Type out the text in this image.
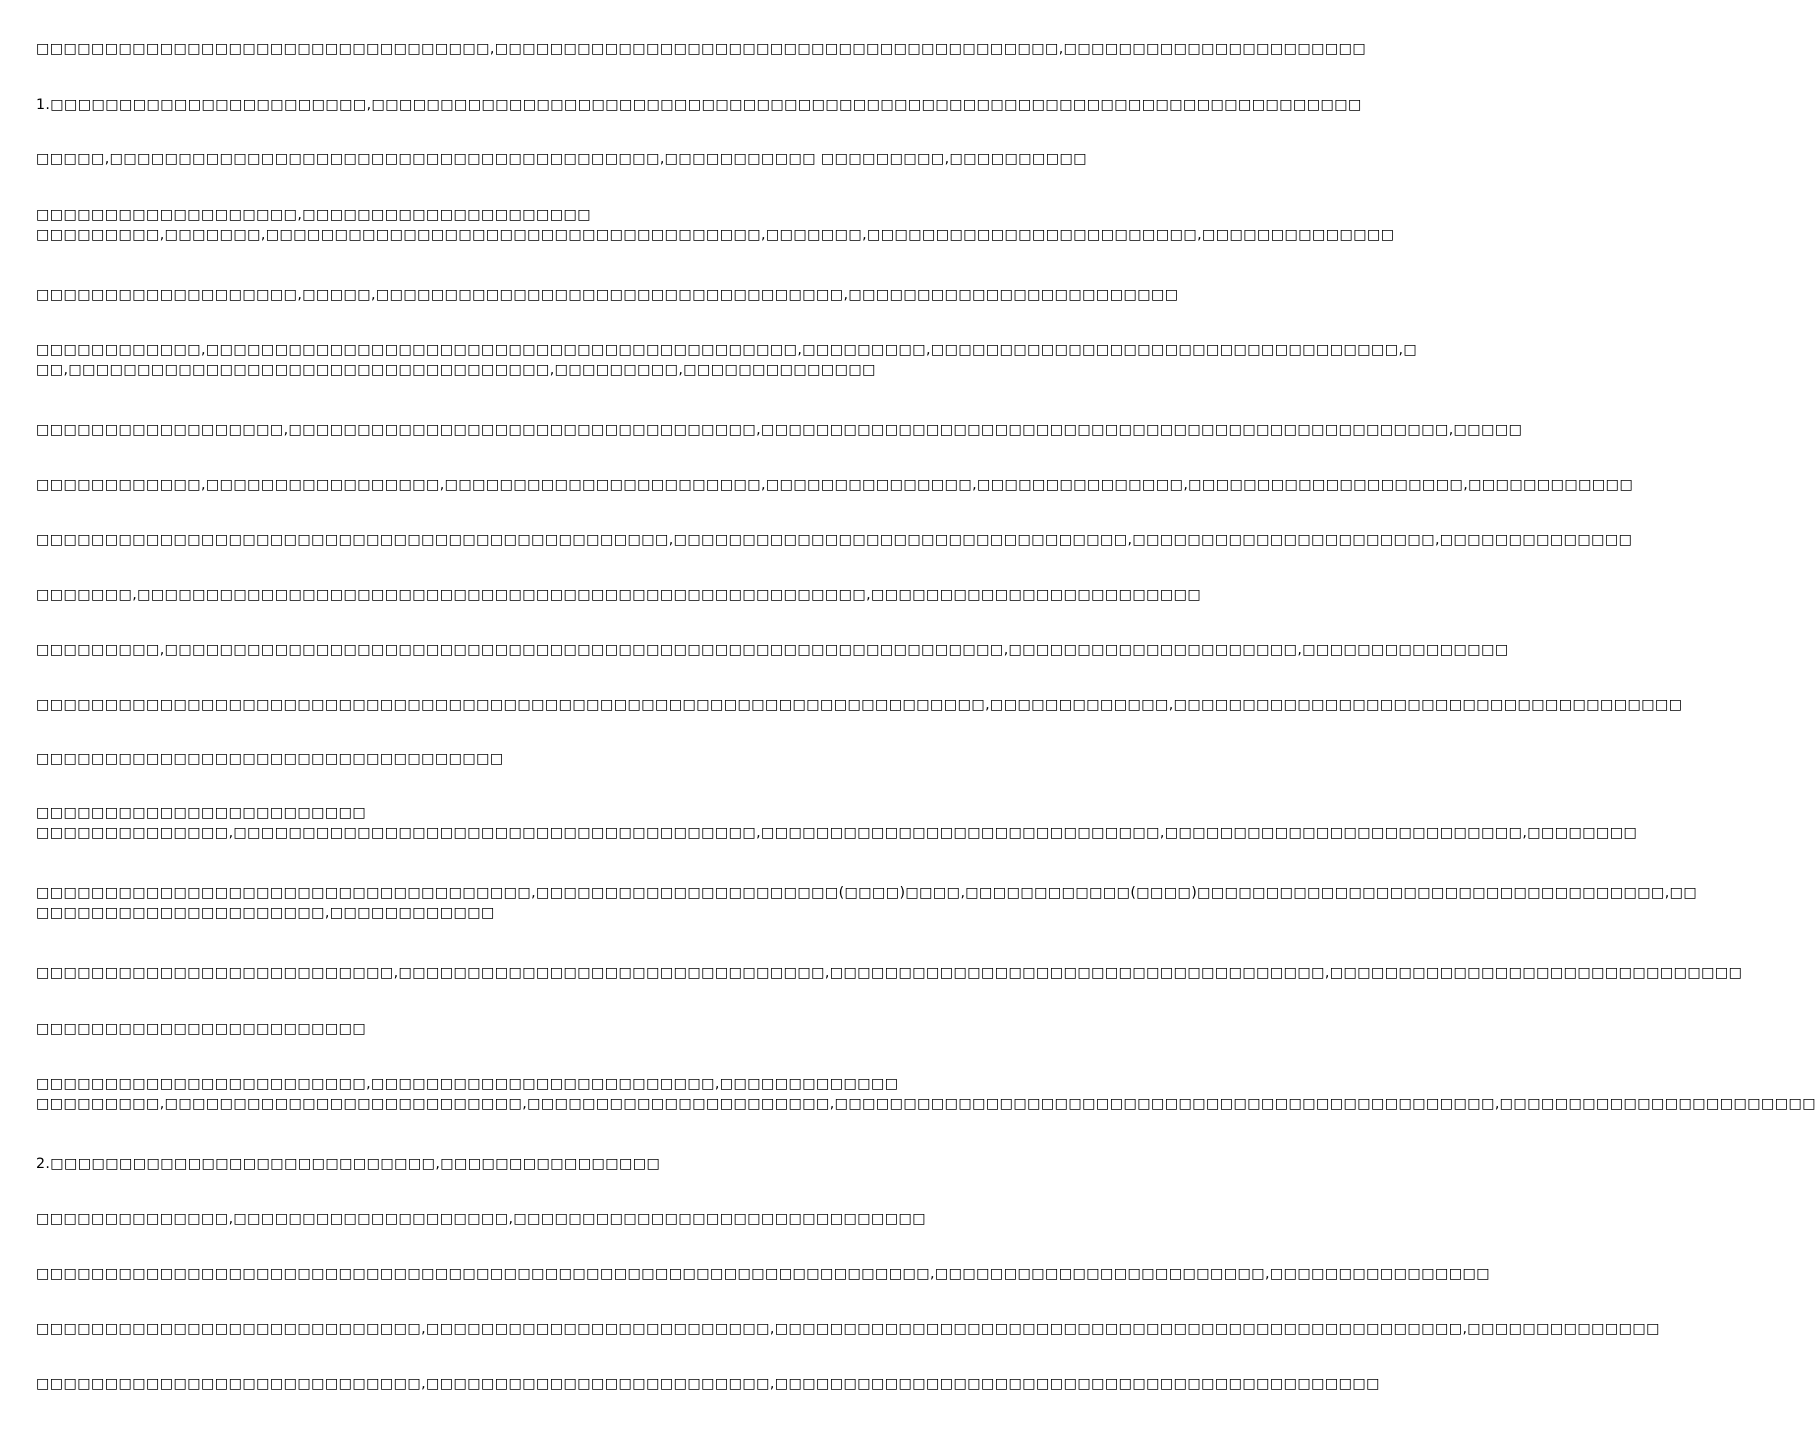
□□□□□□□□□□□□□□□□□□□□□□□□□□□□□□□□□,□□□□□□□□□□□□□□□□□□□□□□□□□□□□□□□□□□□□□□□□□,□□□□□□□□□□□□□□□□□□□□□□
1.□□□□□□□□□□□□□□□□□□□□□□□,□□□□□□□□□□□□□□□□□□□□□□□□□□□□□□□□□□□□□□□□□□□□□□□□□□□□□□□□□□□□□□□□□□□□□□□□
□□□□□,□□□□□□□□□□□□□□□□□□□□□□□□□□□□□□□□□□□□□□□□,□□□□□□□□□□□ □□□□□□□□□,□□□□□□□□□□
□□□□□□□□□□□□□□□□□□□,□□□□□□□□□□□□□□□□□□□□□
□□□□□□□□□,□□□□□□□,□□□□□□□□□□□□□□□□□□□□□□□□□□□□□□□□□□□□,□□□□□□□,□□□□□□□□□□□□□□□□□□□□□□□□,□□□□□□□□□□□□□□
□□□□□□□□□□□□□□□□□□□,□□□□□,□□□□□□□□□□□□□□□□□□□□□□□□□□□□□□□□□□,□□□□□□□□□□□□□□□□□□□□□□□□
□□□□□□□□□□□□,□□□□□□□□□□□□□□□□□□□□□□□□□□□□□□□□□□□□□□□□□□□,□□□□□□□□□,□□□□□□□□□□□□□□□□□□□□□□□□□□□□□□□□□□,□
□□,□□□□□□□□□□□□□□□□□□□□□□□□□□□□□□□□□□□,□□□□□□□□□,□□□□□□□□□□□□□□
□□□□□□□□□□□□□□□□□□,□□□□□□□□□□□□□□□□□□□□□□□□□□□□□□□□□□,□□□□□□□□□□□□□□□□□□□□□□□□□□□□□□□□□□□□□□□□□□□□□□□□□□,□□□□□
□□□□□□□□□□□□,□□□□□□□□□□□□□□□□□,□□□□□□□□□□□□□□□□□□□□□□□,□□□□□□□□□□□□□□□,□□□□□□□□□□□□□□□,□□□□□□□□□□□□□□□□□□□□,□□□□□□□□□□□□
□□□□□□□□□□□□□□□□□□□□□□□□□□□□□□□□□□□□□□□□□□□□□□,□□□□□□□□□□□□□□□□□□□□□□□□□□□□□□□□□,□□□□□□□□□□□□□□□□□□□□□□,□□□□□□□□□□□□□□
□□□□□□□,□□□□□□□□□□□□□□□□□□□□□□□□□□□□□□□□□□□□□□□□□□□□□□□□□□□□□,□□□□□□□□□□□□□□□□□□□□□□□□
□□□□□□□□□,□□□□□□□□□□□□□□□□□□□□□□□□□□□□□□□□□□□□□□□□□□□□□□□□□□□□□□□□□□□□□,□□□□□□□□□□□□□□□□□□□□□,□□□□□□□□□□□□□□□
□□□□□□□□□□□□□□□□□□□□□□□□□□□□□□□□□□□□□□□□□□□□□□□□□□□□□□□□□□□□□□□□□□□□□,□□□□□□□□□□□□□,□□□□□□□□□□□□□□□□□□□□□□□□□□□□□□□□□□□□□
□□□□□□□□□□□□□□□□□□□□□□□□□□□□□□□□□□
□□□□□□□□□□□□□□□□□□□□□□□□
□□□□□□□□□□□□□□,□□□□□□□□□□□□□□□□□□□□□□□□□□□□□□□□□□□□□□,□□□□□□□□□□□□□□□□□□□□□□□□□□□□□,□□□□□□□□□□□□□□□□□□□□□□□□□□,□□□□□□□□
□□□□□□□□□□□□□□□□□□□□□□□□□□□□□□□□□□□□,□□□□□□□□□□□□□□□□□□□□□□(□□□□)□□□□,□□□□□□□□□□□□(□□□□)□□□□□□□□□□□□□□□□□□□□□□□□□□□□□□□□□□,□□
□□□□□□□□□□□□□□□□□□□□□,□□□□□□□□□□□□
□□□□□□□□□□□□□□□□□□□□□□□□□□,□□□□□□□□□□□□□□□□□□□□□□□□□□□□□□□,□□□□□□□□□□□□□□□□□□□□□□□□□□□□□□□□□□□□,□□□□□□□□□□□□□□□□□□□□□□□□□□□□□□
□□□□□□□□□□□□□□□□□□□□□□□□
□□□□□□□□□□□□□□□□□□□□□□□□,□□□□□□□□□□□□□□□□□□□□□□□□□,□□□□□□□□□□□□□
□□□□□□□□□,□□□□□□□□□□□□□□□□□□□□□□□□□□,□□□□□□□□□□□□□□□□□□□□□□,□□□□□□□□□□□□□□□□□□□□□□□□□□□□□□□□□□□□□□□□□□□□□□□□,□□□□□□□□□□□□□□□□□□□□□□□
2.□□□□□□□□□□□□□□□□□□□□□□□□□□□□,□□□□□□□□□□□□□□□□
□□□□□□□□□□□□□□,□□□□□□□□□□□□□□□□□□□□,□□□□□□□□□□□□□□□□□□□□□□□□□□□□□□
□□□□□□□□□□□□□□□□□□□□□□□□□□□□□□□□□□□□□□□□□□□□□□□□□□□□□□□□□□□□□□□□□,□□□□□□□□□□□□□□□□□□□□□□□□,□□□□□□□□□□□□□□□□
□□□□□□□□□□□□□□□□□□□□□□□□□□□□,□□□□□□□□□□□□□□□□□□□□□□□□□,□□□□□□□□□□□□□□□□□□□□□□□□□□□□□□□□□□□□□□□□□□□□□□□□□□,□□□□□□□□□□□□□□
□□□□□□□□□□□□□□□□□□□□□□□□□□□□,□□□□□□□□□□□□□□□□□□□□□□□□□,□□□□□□□□□□□□□□□□□□□□□□□□□□□□□□□□□□□□□□□□□□□□
